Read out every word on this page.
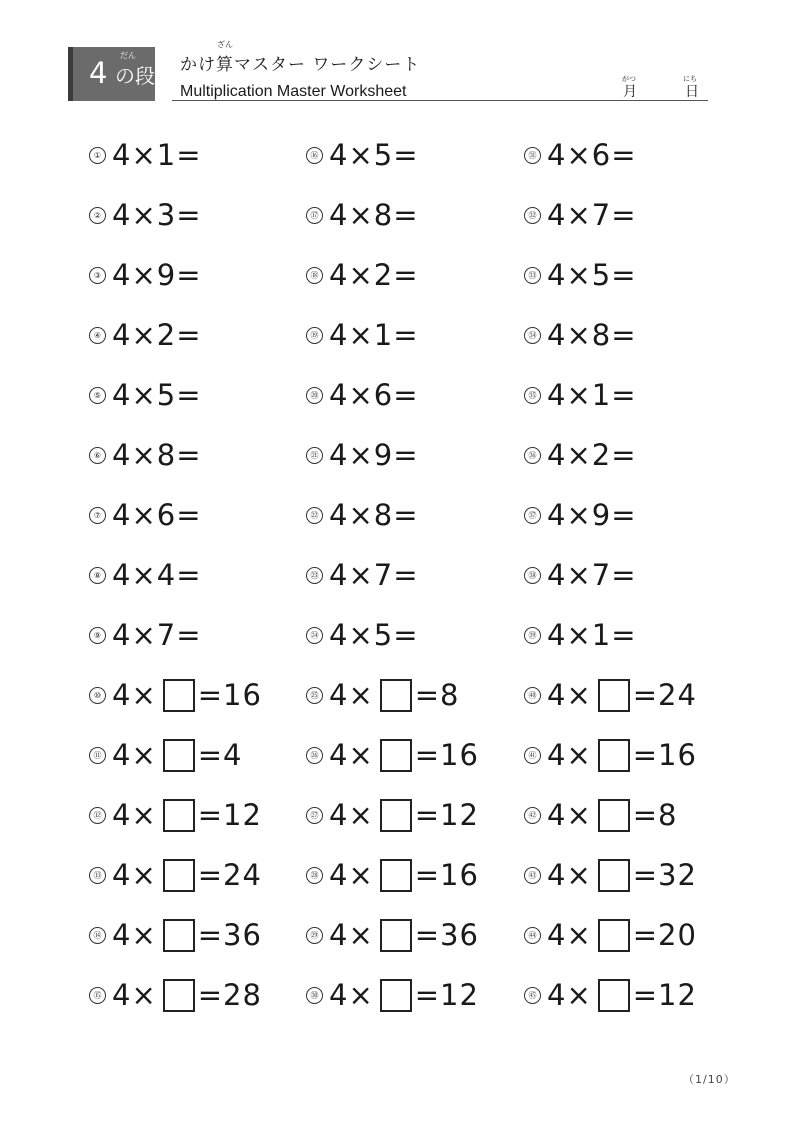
だん
4 の段
ざん
かけ算マスター ワークシート
Multiplication Master Worksheet
がつ
月
にち
日
① 4×1=
② 4×3=
③ 4×9=
④ 4×2=
⑤ 4×5=
⑥ 4×8=
⑦ 4×6=
⑧ 4×4=
⑨ 4×7=
⑩ 4× =16
⑪ 4× =4
⑫ 4× =12
⑬ 4× =24
⑭ 4× =36
⑮ 4× =28
⑯ 4×5=
⑰ 4×8=
⑱ 4×2=
⑲ 4×1=
⑳ 4×6=
㉑ 4×9=
㉒ 4×8=
㉓ 4×7=
㉔ 4×5=
㉕ 4× =8
㉖ 4× =16
㉗ 4× =12
㉘ 4× =16
㉙ 4× =36
㉚ 4× =12
㉛ 4×6=
㉜ 4×7=
㉝ 4×5=
㉞ 4×8=
㉟ 4×1=
㊱ 4×2=
㊲ 4×9=
㊳ 4×7=
㊴ 4×1=
㊵ 4× =24
㊶ 4× =16
㊷ 4× =8
㊸ 4× =32
㊹ 4× =20
㊺ 4× =12
（1/10）
